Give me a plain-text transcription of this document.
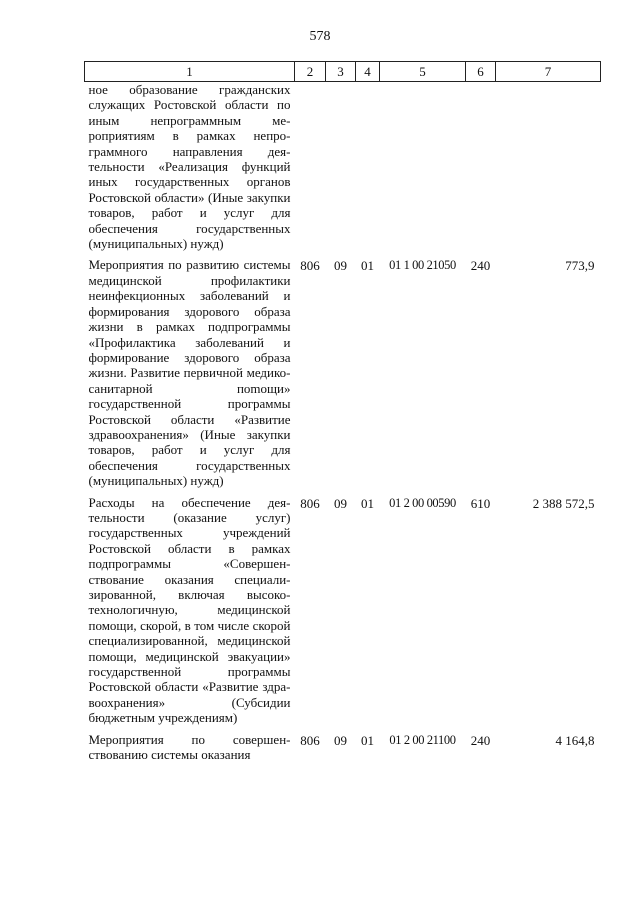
578
1	2	3	4	5	6	7
ное образование гражданских служащих Ростовской области по иным непрограммным мероприятиям в рамках непрограммного направления деятельности «Реализация функций иных государственных органов Ростовской области» (Иные закупки товаров, работ и услуг для обеспечения государственных (муниципальных) нужд)						
Мероприятия по развитию системы медицинской профилактики неинфекционных заболеваний и формирования здорового образа жизни в рамках подпрограммы «Профилактика заболеваний и формирование здорового образа жизни. Развитие первичной медико-санитарной поmощи» государственной программы Ростовской области «Развитие здравоохранения» (Иные закупки товаров, работ и услуг для обеспечения государственных (муниципальных) нужд)	806	09	01	01 1 00 21050	240	773,9
Расходы на обеспечение деятельности (оказание услуг) государственных учреждений Ростовской области в рамках подпрограммы «Совершенствование оказания специализированной, включая высокотехнологичную, медицинской помощи, скорой, в том числе скорой специализированной, медицинской помощи, медицинской эвакуации» государственной программы Ростовской области «Развитие здравоохранения» (Субсидии бюджетным учреждениям)	806	09	01	01 2 00 00590	610	2 388 572,5
Мероприятия по совершенствованию системы оказания	806	09	01	01 2 00 21100	240	4 164,8
